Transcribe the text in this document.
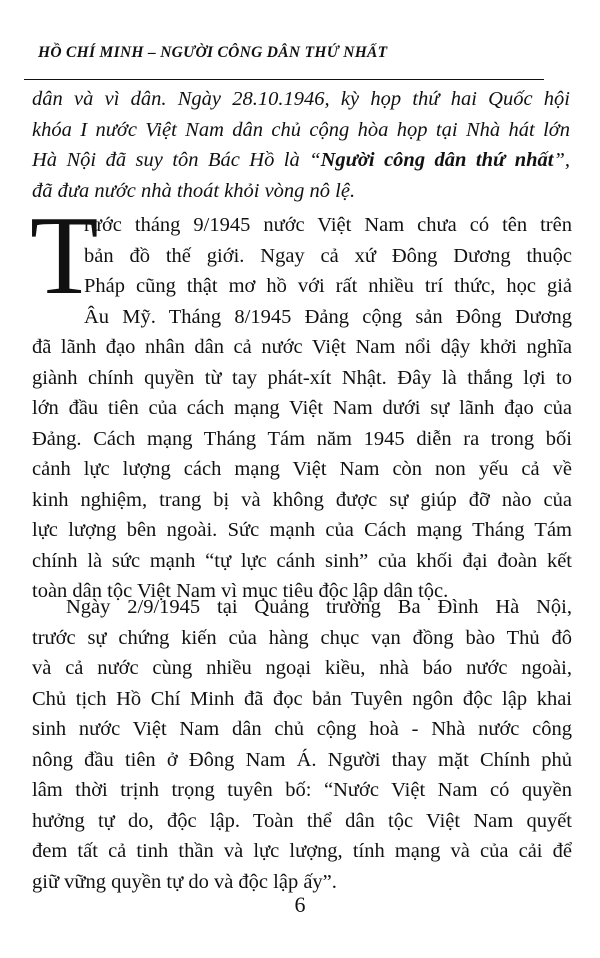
HỒ CHÍ MINH – NGƯỜI CÔNG DÂN THỨ NHẤT
dân và vì dân. Ngày 28.10.1946, kỳ họp thứ hai Quốc hội
khóa I nước Việt Nam dân chủ cộng hòa họp tại Nhà hát lớn
Hà Nội đã suy tôn Bác Hồ là “Người công dân thứ nhất”,
đã đưa nước nhà thoát khỏi vòng nô lệ.
T
rước tháng 9/1945 nước Việt Nam chưa có tên trên
bản đồ thế giới. Ngay cả xứ Đông Dương thuộc
Pháp cũng thật mơ hồ với rất nhiều trí thức, học giả
Âu Mỹ. Tháng 8/1945 Đảng cộng sản Đông Dương
đã lãnh đạo nhân dân cả nước Việt Nam nổi dậy khởi nghĩa
giành chính quyền từ tay phát-xít Nhật. Đây là thắng lợi to
lớn đầu tiên của cách mạng Việt Nam dưới sự lãnh đạo của
Đảng. Cách mạng Tháng Tám năm 1945 diễn ra trong bối
cảnh lực lượng cách mạng Việt Nam còn non yếu cả về
kinh nghiệm, trang bị và không được sự giúp đỡ nào của
lực lượng bên ngoài. Sức mạnh của Cách mạng Tháng Tám
chính là sức mạnh “tự lực cánh sinh” của khối đại đoàn kết
toàn dân tộc Việt Nam vì mục tiêu độc lập dân tộc.
Ngày 2/9/1945 tại Quảng trường Ba Đình Hà Nội,
trước sự chứng kiến của hàng chục vạn đồng bào Thủ đô
và cả nước cùng nhiều ngoại kiều, nhà báo nước ngoài,
Chủ tịch Hồ Chí Minh đã đọc bản Tuyên ngôn độc lập khai
sinh nước Việt Nam dân chủ cộng hoà - Nhà nước công
nông đầu tiên ở Đông Nam Á. Người thay mặt Chính phủ
lâm thời trịnh trọng tuyên bố: “Nước Việt Nam có quyền
hưởng tự do, độc lập. Toàn thể dân tộc Việt Nam quyết
đem tất cả tinh thần và lực lượng, tính mạng và của cải để
giữ vững quyền tự do và độc lập ấy”.
6
